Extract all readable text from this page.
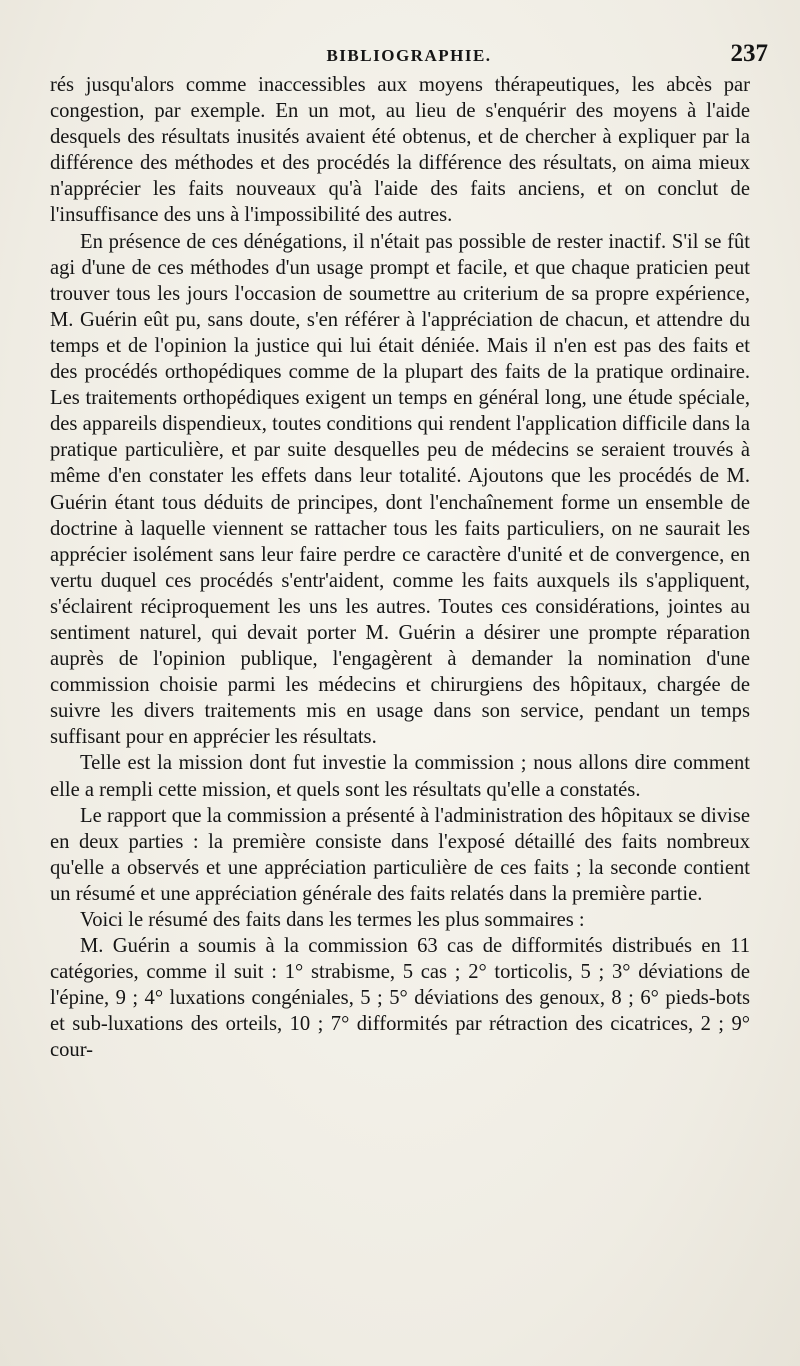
BIBLIOGRAPHIE.	237

rés jusqu'alors comme inaccessibles aux moyens thérapeutiques, les abcès par congestion, par exemple. En un mot, au lieu de s'enquérir des moyens à l'aide desquels des résultats inusités avaient été obtenus, et de chercher à expliquer par la différence des méthodes et des procédés la différence des résultats, on aima mieux n'apprécier les faits nouveaux qu'à l'aide des faits anciens, et on conclut de l'insuffisance des uns à l'impossibilité des autres.

En présence de ces dénégations, il n'était pas possible de rester inactif. S'il se fût agi d'une de ces méthodes d'un usage prompt et facile, et que chaque praticien peut trouver tous les jours l'occasion de soumettre au criterium de sa propre expérience, M. Guérin eût pu, sans doute, s'en référer à l'appréciation de chacun, et attendre du temps et de l'opinion la justice qui lui était déniée. Mais il n'en est pas des faits et des procédés orthopédiques comme de la plupart des faits de la pratique ordinaire. Les traitements orthopédiques exigent un temps en général long, une étude spéciale, des appareils dispendieux, toutes conditions qui rendent l'application difficile dans la pratique particulière, et par suite desquelles peu de médecins se seraient trouvés à même d'en constater les effets dans leur totalité. Ajoutons que les procédés de M. Guérin étant tous déduits de principes, dont l'enchaînement forme un ensemble de doctrine à laquelle viennent se rattacher tous les faits particuliers, on ne saurait les apprécier isolément sans leur faire perdre ce caractère d'unité et de convergence, en vertu duquel ces procédés s'entr'aident, comme les faits auxquels ils s'appliquent, s'éclairent réciproquement les uns les autres. Toutes ces considérations, jointes au sentiment naturel, qui devait porter M. Guérin a désirer une prompte réparation auprès de l'opinion publique, l'engagèrent à demander la nomination d'une commission choisie parmi les médecins et chirurgiens des hôpitaux, chargée de suivre les divers traitements mis en usage dans son service, pendant un temps suffisant pour en apprécier les résultats.

Telle est la mission dont fut investie la commission ; nous allons dire comment elle a rempli cette mission, et quels sont les résultats qu'elle a constatés.

Le rapport que la commission a présenté à l'administration des hôpitaux se divise en deux parties : la première consiste dans l'exposé détaillé des faits nombreux qu'elle a observés et une appréciation particulière de ces faits ; la seconde contient un résumé et une appréciation générale des faits relatés dans la première partie.

Voici le résumé des faits dans les termes les plus sommaires :

M. Guérin a soumis à la commission 63 cas de difformités distribués en 11 catégories, comme il suit : 1° strabisme, 5 cas ; 2° torticolis, 5 ; 3° déviations de l'épine, 9 ; 4° luxations congéniales, 5 ; 5° déviations des genoux, 8 ; 6° pieds-bots et sub-luxations des orteils, 10 ; 7° difformités par rétraction des cicatrices, 2 ; 9° cour-
